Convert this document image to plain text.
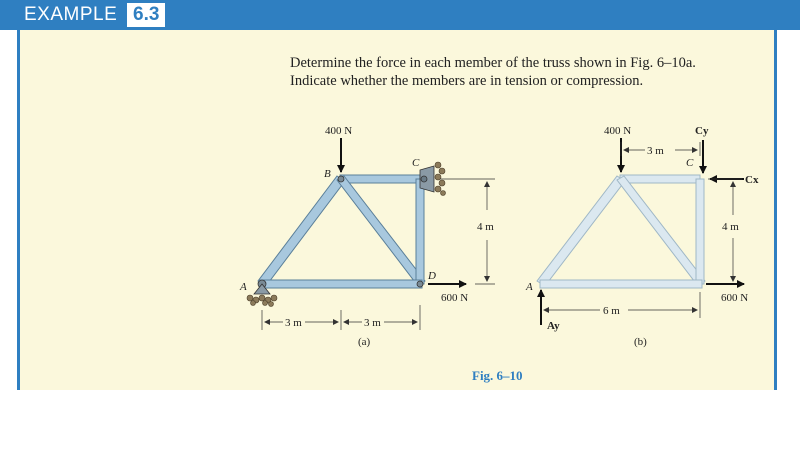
EXAMPLE 6.3
Determine the force in each member of the truss shown in Fig. 6–10a.
Indicate whether the members are in tension or compression.
400 N
600 N
A
B
C
D
4 m
3 m	3 m
(a)
400 N
3 m
Cy
C
Cx
4 m
600 N
A
Ay
6 m
(b)
Fig. 6–10
